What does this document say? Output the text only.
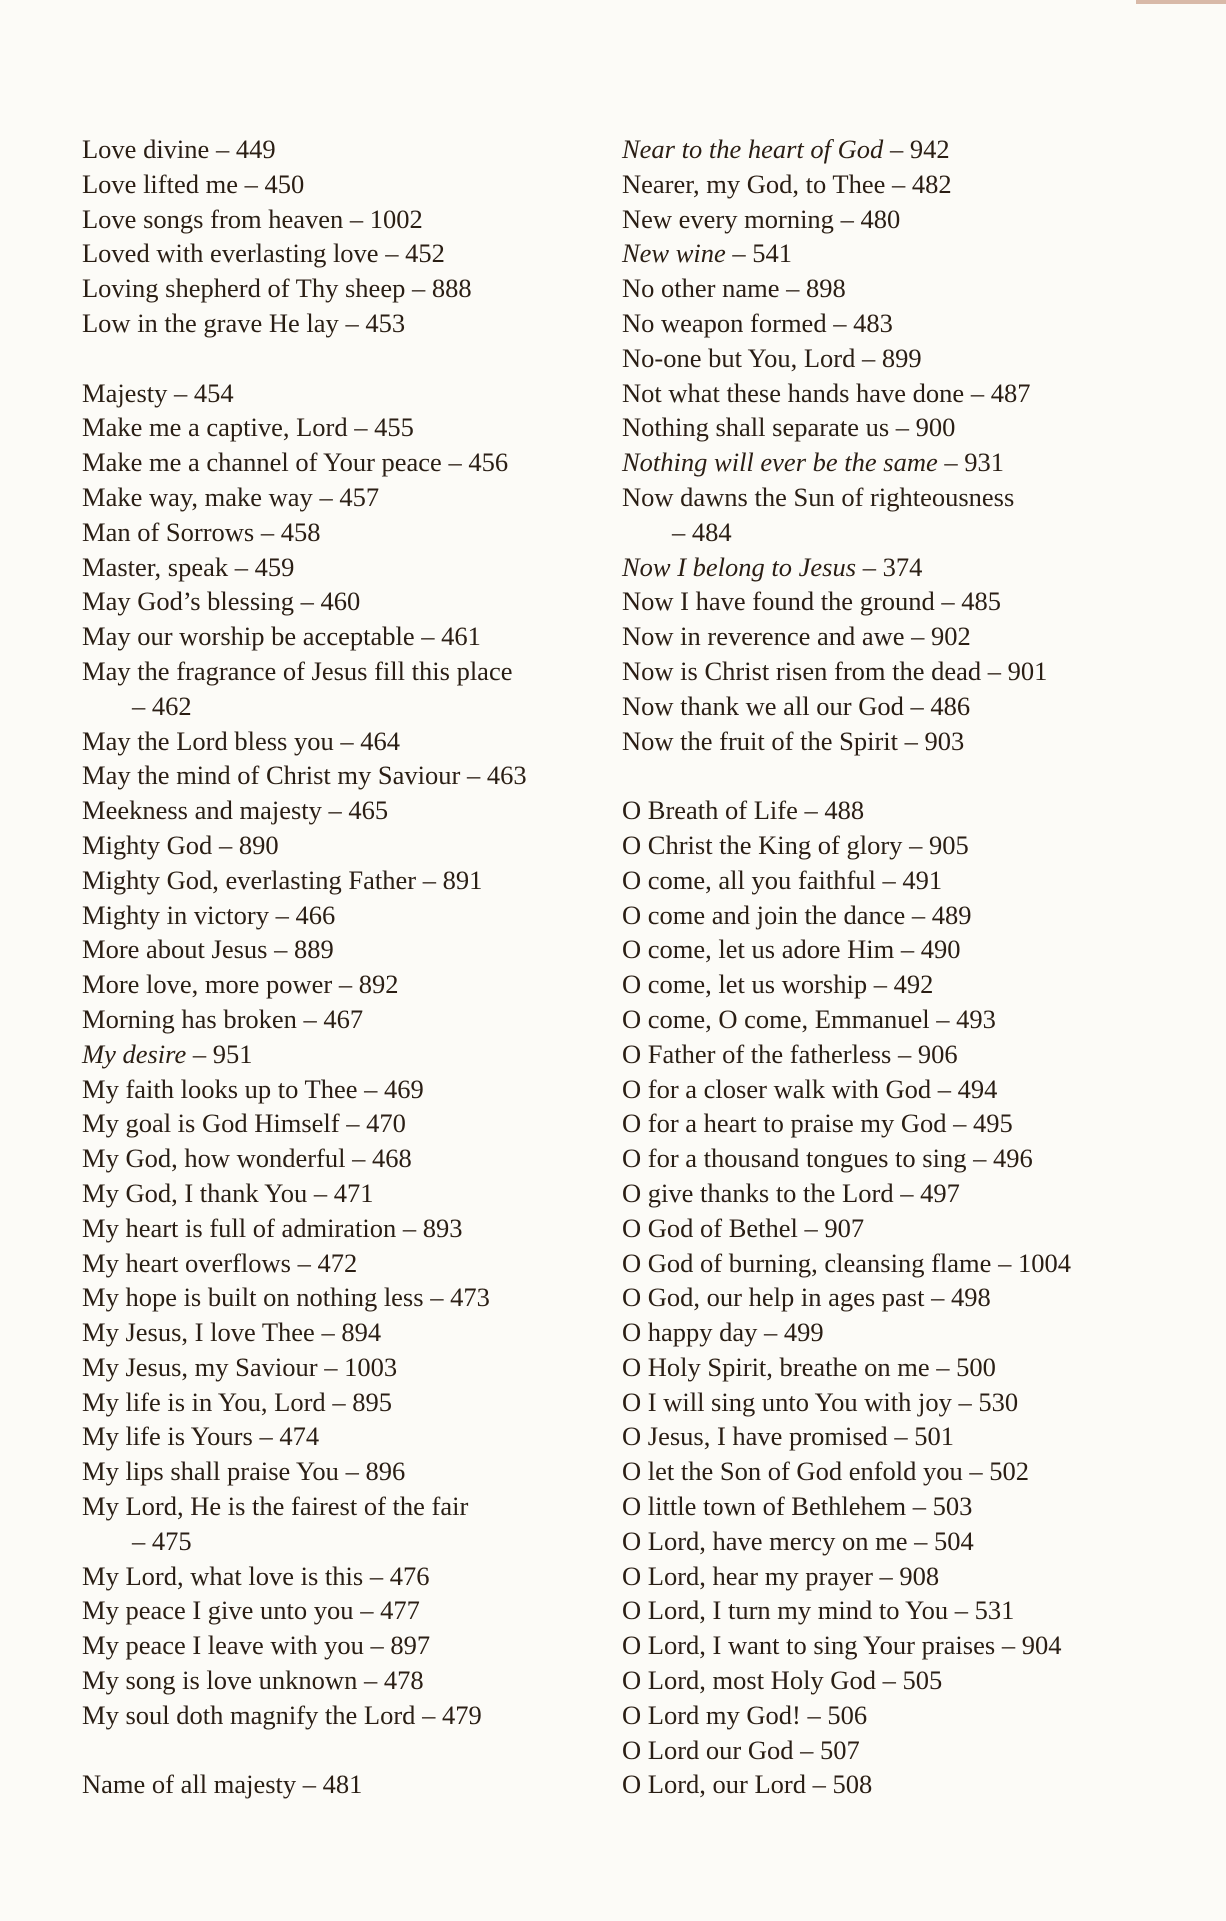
Love divine – 449
Love lifted me – 450
Love songs from heaven – 1002
Loved with everlasting love – 452
Loving shepherd of Thy sheep – 888
Low in the grave He lay – 453
Majesty – 454
Make me a captive, Lord – 455
Make me a channel of Your peace – 456
Make way, make way – 457
Man of Sorrows – 458
Master, speak – 459
May God’s blessing – 460
May our worship be acceptable – 461
May the fragrance of Jesus fill this place
– 462
May the Lord bless you – 464
May the mind of Christ my Saviour – 463
Meekness and majesty – 465
Mighty God – 890
Mighty God, everlasting Father – 891
Mighty in victory – 466
More about Jesus – 889
More love, more power – 892
Morning has broken – 467
My desire – 951
My faith looks up to Thee – 469
My goal is God Himself – 470
My God, how wonderful – 468
My God, I thank You – 471
My heart is full of admiration – 893
My heart overflows – 472
My hope is built on nothing less – 473
My Jesus, I love Thee – 894
My Jesus, my Saviour – 1003
My life is in You, Lord – 895
My life is Yours – 474
My lips shall praise You – 896
My Lord, He is the fairest of the fair
– 475
My Lord, what love is this – 476
My peace I give unto you – 477
My peace I leave with you – 897
My song is love unknown – 478
My soul doth magnify the Lord – 479
Name of all majesty – 481
Near to the heart of God – 942
Nearer, my God, to Thee – 482
New every morning – 480
New wine – 541
No other name – 898
No weapon formed – 483
No-one but You, Lord – 899
Not what these hands have done – 487
Nothing shall separate us – 900
Nothing will ever be the same – 931
Now dawns the Sun of righteousness
– 484
Now I belong to Jesus – 374
Now I have found the ground – 485
Now in reverence and awe – 902
Now is Christ risen from the dead – 901
Now thank we all our God – 486
Now the fruit of the Spirit – 903
O Breath of Life – 488
O Christ the King of glory – 905
O come, all you faithful – 491
O come and join the dance – 489
O come, let us adore Him – 490
O come, let us worship – 492
O come, O come, Emmanuel – 493
O Father of the fatherless – 906
O for a closer walk with God – 494
O for a heart to praise my God – 495
O for a thousand tongues to sing – 496
O give thanks to the Lord – 497
O God of Bethel – 907
O God of burning, cleansing flame – 1004
O God, our help in ages past – 498
O happy day – 499
O Holy Spirit, breathe on me – 500
O I will sing unto You with joy – 530
O Jesus, I have promised – 501
O let the Son of God enfold you – 502
O little town of Bethlehem – 503
O Lord, have mercy on me – 504
O Lord, hear my prayer – 908
O Lord, I turn my mind to You – 531
O Lord, I want to sing Your praises – 904
O Lord, most Holy God – 505
O Lord my God! – 506
O Lord our God – 507
O Lord, our Lord – 508
